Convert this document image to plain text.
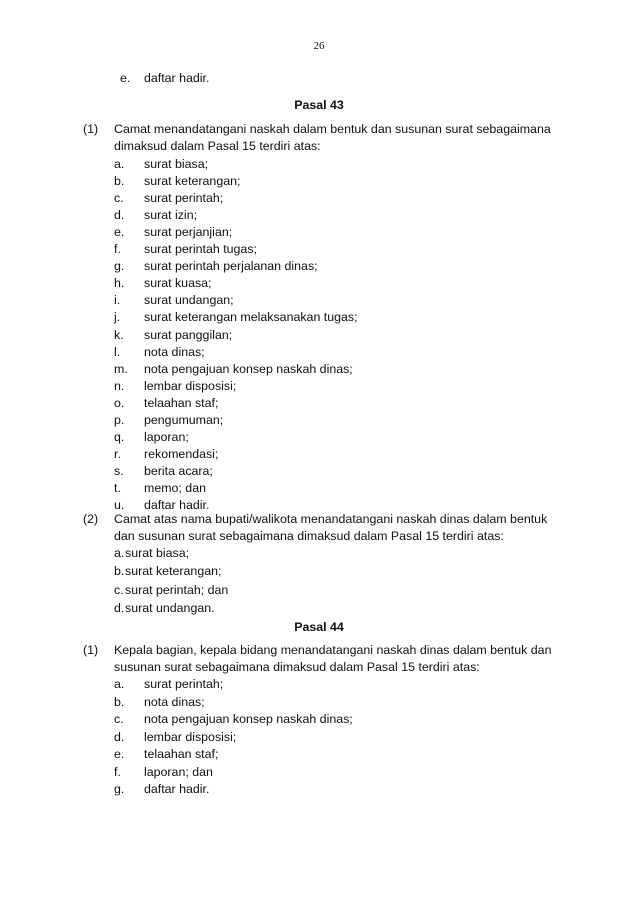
26
e. daftar hadir.
Pasal 43
(1) Camat menandatangani naskah dalam bentuk dan susunan surat sebagaimana
dimaksud dalam Pasal 15 terdiri atas:
a. surat biasa;
b. surat keterangan;
c. surat perintah;
d. surat izin;
e. surat perjanjian;
f. surat perintah tugas;
g. surat perintah perjalanan dinas;
h. surat kuasa;
i. surat undangan;
j. surat keterangan melaksanakan tugas;
k. surat panggilan;
l. nota dinas;
m. nota pengajuan konsep naskah dinas;
n. lembar disposisi;
o. telaahan staf;
p. pengumuman;
q. laporan;
r. rekomendasi;
s. berita acara;
t. memo; dan
u. daftar hadir.
(2) Camat atas nama bupati/walikota menandatangani naskah dinas dalam bentuk
dan susunan surat sebagaimana dimaksud dalam Pasal 15 terdiri atas:
a. surat biasa;
b. surat keterangan;
c. surat perintah; dan
d. surat undangan.
Pasal 44
(1) Kepala bagian, kepala bidang menandatangani naskah dinas dalam bentuk dan
susunan surat sebagaimana dimaksud dalam Pasal 15 terdiri atas:
a. surat perintah;
b. nota dinas;
c. nota pengajuan konsep naskah dinas;
d. lembar disposisi;
e. telaahan staf;
f. laporan; dan
g. daftar hadir.
